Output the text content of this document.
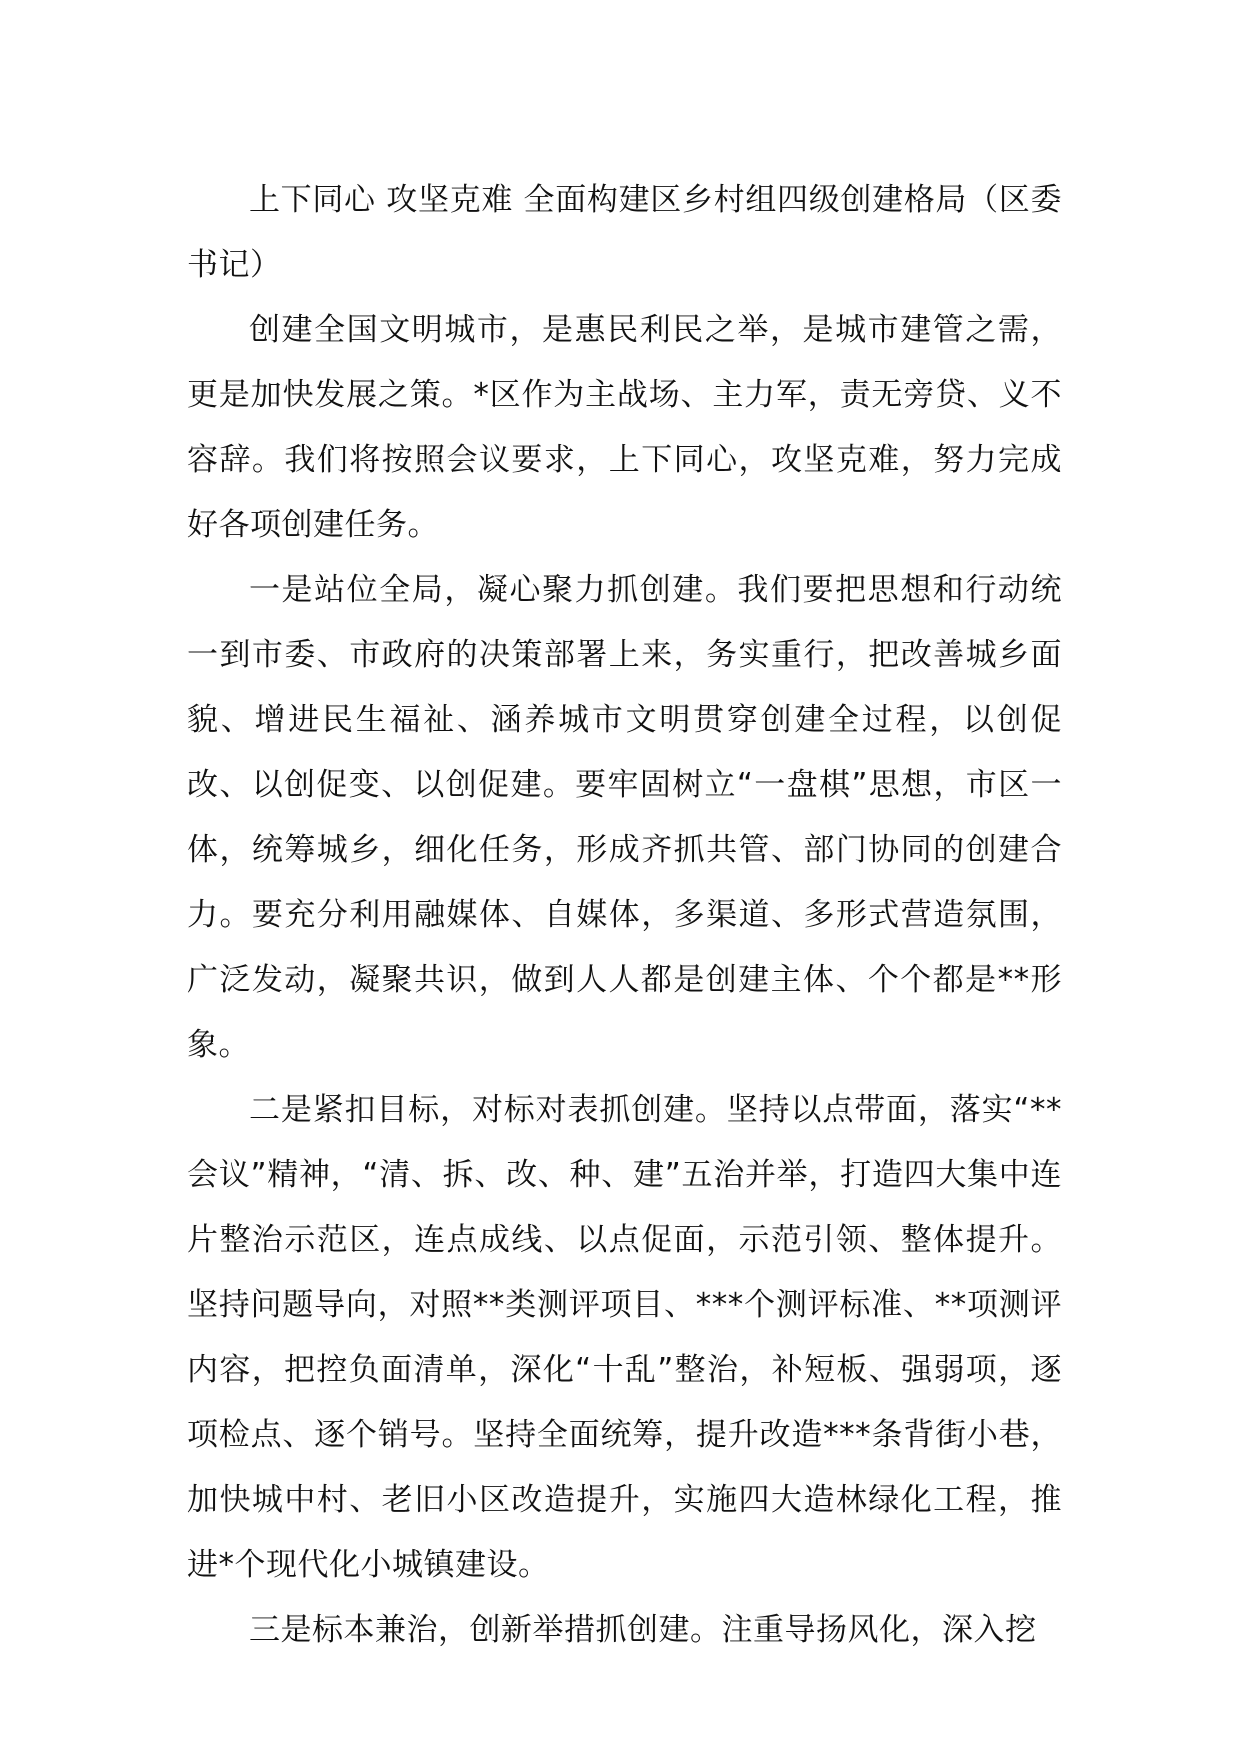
上下同心 攻坚克难 全面构建区乡村组四级创建格局（区委书记）

创建全国文明城市，是惠民利民之举，是城市建管之需，更是加快发展之策。*区作为主战场、主力军，责无旁贷、义不容辞。我们将按照会议要求，上下同心，攻坚克难，努力完成好各项创建任务。

一是站位全局，凝心聚力抓创建。我们要把思想和行动统一到市委、市政府的决策部署上来，务实重行，把改善城乡面貌、增进民生福祉、涵养城市文明贯穿创建全过程，以创促改、以创促变、以创促建。要牢固树立“一盘棋”思想，市区一体，统筹城乡，细化任务，形成齐抓共管、部门协同的创建合力。要充分利用融媒体、自媒体，多渠道、多形式营造氛围，广泛发动，凝聚共识，做到人人都是创建主体、个个都是**形象。

二是紧扣目标，对标对表抓创建。坚持以点带面，落实“**会议”精神，“清、拆、改、种、建”五治并举，打造四大集中连片整治示范区，连点成线、以点促面，示范引领、整体提升。坚持问题导向，对照**类测评项目、***个测评标准、**项测评内容，把控负面清单，深化“十乱”整治，补短板、强弱项，逐项检点、逐个销号。坚持全面统筹，提升改造***条背街小巷，加快城中村、老旧小区改造提升，实施四大造林绿化工程，推进*个现代化小城镇建设。

三是标本兼治，创新举措抓创建。注重导扬风化，深入挖
